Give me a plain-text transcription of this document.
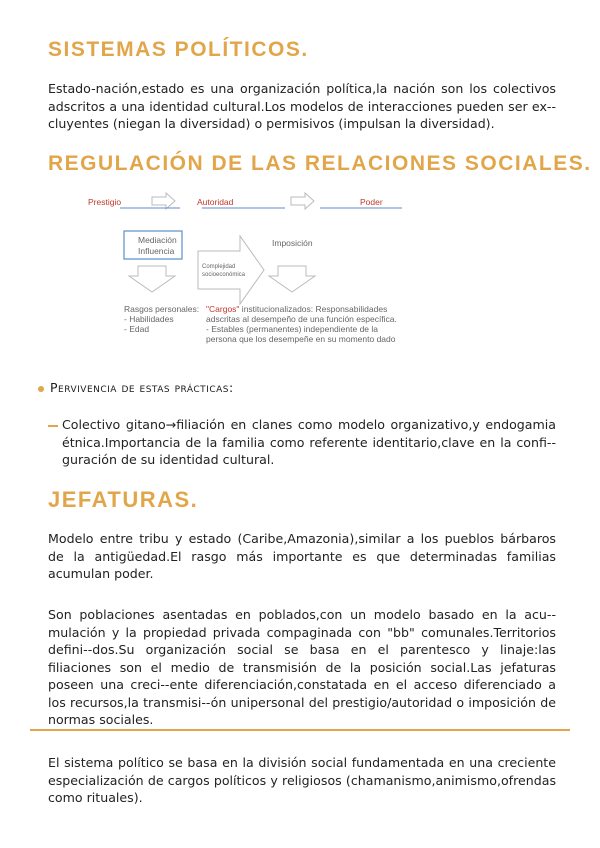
SISTEMAS POLÍTICOS.
Estado-nación,estado es una organización política,la nación son los colectivos adscritos a una identidad cultural.Los modelos de interacciones pueden ser ex--cluyentes (niegan la diversidad) o permisivos (impulsan la diversidad).
REGULACIÓN DE LAS RELACIONES SOCIALES.
Prestigio	Autoridad	Poder
Mediación
Influencia
Imposición
Complejidad
socioeconómica
Rasgos personales:
- Habilidades
- Edad
"Cargos" institucionalizados: Responsabilidades
adscritas al desempeño de una función específica.
- Estables (permanentes) independiente de la
persona que los desempeñe en su momento dado
Pervivencia de estas prácticas:
Colectivo gitano→filiación en clanes como modelo organizativo,y endogamia étnica.Importancia de la familia como referente identitario,clave en la confi--guración de su identidad cultural.
JEFATURAS.
Modelo entre tribu y estado (Caribe,Amazonia),similar a los pueblos bárbaros de la antigüedad.El rasgo más importante es que determinadas familias acumulan poder.
Son poblaciones asentadas en poblados,con un modelo basado en la acu--mulación y la propiedad privada compaginada con "bb" comunales.Territorios defini--dos.Su organización social se basa en el parentesco y linaje:las filiaciones son el medio de transmisión de la posición social.Las jefaturas poseen una creci--ente diferenciación,constatada en el acceso diferenciado a los recursos,la transmisi--ón unipersonal del prestigio/autoridad o imposición de normas sociales.
El sistema político se basa en la división social fundamentada en una creciente especialización de cargos políticos y religiosos (chamanismo,animismo,ofrendas como rituales).
